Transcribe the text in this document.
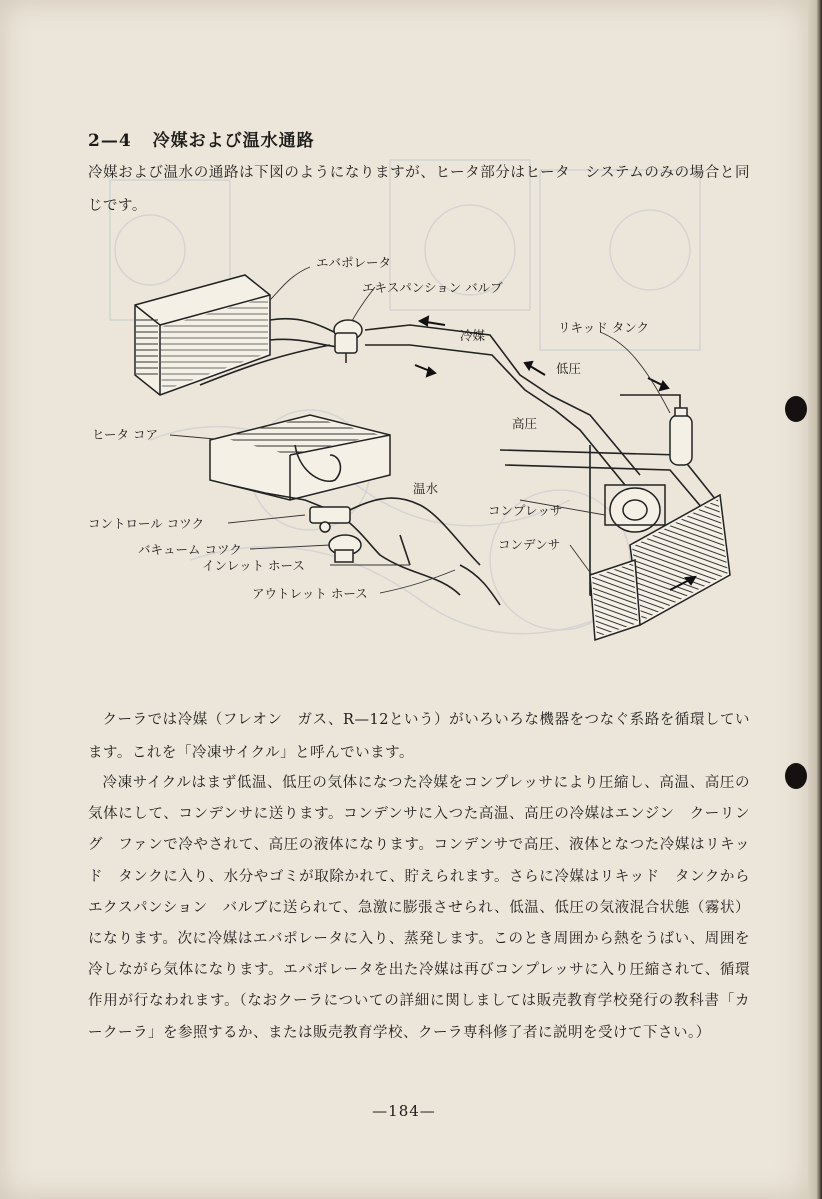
2—4 冷媒および温水通路

冷媒および温水の通路は下図のようになりますが、ヒータ部分はヒータ　システムのみの場合と同じです。

エバポレータ
エキスパンション バルブ
冷媒
リキッド タンク
低圧
高圧
ヒータ コア
温水
コントロール コツク
コンプレッサ
バキューム コツク	コンデンサ
インレット ホース
アウトレット ホース

クーラでは冷媒（フレオン　ガス、R—12という）がいろいろな機器をつなぐ系路を循環しています。これを「冷凍サイクル」と呼んでいます。

冷凍サイクルはまず低温、低圧の気体になつた冷媒をコンプレッサにより圧縮し、高温、高圧の気体にして、コンデンサに送ります。コンデンサに入つた高温、高圧の冷媒はエンジン　クーリング　ファンで冷やされて、高圧の液体になります。コンデンサで高圧、液体となつた冷媒はリキッド　タンクに入り、水分やゴミが取除かれて、貯えられます。さらに冷媒はリキッド　タンクからエクスパンション　バルブに送られて、急激に膨張させられ、低温、低圧の気液混合状態（霧状）になります。次に冷媒はエバポレータに入り、蒸発します。このとき周囲から熱をうばい、周囲を冷しながら気体になります。エバポレータを出た冷媒は再びコンプレッサに入り圧縮されて、循環作用が行なわれます。（なおクーラについての詳細に関しましては販売教育学校発行の教科書「カークーラ」を参照するか、または販売教育学校、クーラ専科修了者に説明を受けて下さい。）

—184—
